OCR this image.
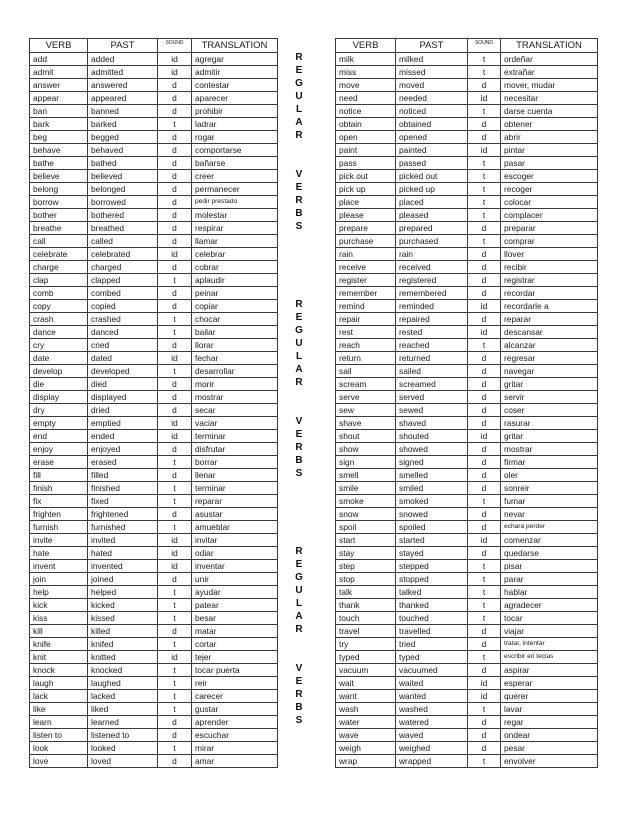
VERB	PAST	SOUND	TRANSLATION
add	added	id	agregar
admit	admitted	id	admitir
answer	answered	d	contestar
appear	appeared	d	aparecer
ban	banned	d	prohibir
bark	barked	t	ladrar
beg	begged	d	rogar
behave	behaved	d	comportarse
bathe	bathed	d	bañarse
believe	believed	d	creer
belong	belonged	d	permanecer
borrow	borrowed	d	pedir prestado
bother	bothered	d	molestar
breathe	breathed	d	respirar
call	called	d	llamar
celebrate	celebrated	id	celebrar
charge	charged	d	cobrar
clap	clapped	t	aplaudir
comb	combed	d	peinar
copy	copied	d	copiar
crash	crashed	t	chocar
dance	danced	t	bailar
cry	cried	d	llorar
date	dated	id	fechar
develop	developed	t	desarrollar
die	died	d	morir
display	displayed	d	mostrar
dry	dried	d	secar
empty	emptied	id	vaciar
end	ended	id	terminar
enjoy	enjoyed	d	disfrutar
erase	erased	t	borrar
fill	filled	d	llenar
finish	finished	t	terminar
fix	fixed	t	reparar
frighten	frightened	d	asustar
furnish	furnished	t	amueblar
invite	invited	id	invitar
hate	hated	id	odiar
invent	invented	id	inventar
join	joined	d	unir
help	helped	t	ayudar
kick	kicked	t	patear
kiss	kissed	t	besar
kill	killed	d	matar
knife	knifed	t	cortar
knit	knitted	id	tejer
knock	knocked	t	tocar puerta
laugh	laughed	t	reir
lack	lacked	t	carecer
like	liked	t	gustar
learn	learned	d	aprender
listen to	listened to	d	escuchar
look	looked	t	mirar
love	loved	d	amar
VERB	PAST	SOUND	TRANSLATION
milk	milked	t	ordeñar
miss	missed	t	extrañar
move	moved	d	mover, mudar
need	needed	id	necesitar
notice	noticed	t	darse cuenta
obtain	obtained	d	obtener
open	opened	d	abrir
paint	painted	id	pintar
pass	passed	t	pasar
pick out	picked out	t	escoger
pick up	picked up	t	recoger
place	placed	t	colocar
please	pleased	t	complacer
prepare	prepared	d	preparar
purchase	purchased	t	comprar
rain	rain	d	llover
receive	received	d	recibir
register	registered	d	registrar
remember	remembered	d	recordar
remind	reminded	id	recordarle a
repair	repaired	d	reparar
rest	rested	id	descansar
reach	reached	t	alcanzar
return	returned	d	regresar
sail	sailed	d	navegar
scream	screamed	d	gritar
serve	served	d	servir
sew	sewed	d	coser
shave	shaved	d	rasurar
shout	shouted	id	gritar
show	showed	d	mostrar
sign	signed	d	firmar
smell	smelled	d	oler
smile	smiled	d	sonreir
smoke	smoked	t	fumar
snow	snowed	d	nevar
spoil	spoiled	d	echara perder
start	started	id	comenzar
stay	stayed	d	quedarse
step	stepped	t	pisar
stop	stopped	t	parar
talk	talked	t	hablar
thank	thanked	t	agradecer
touch	touched	t	tocar
travel	travelled	d	viajar
try	tried	d	tratar, intentar
typed	typed	t	escribir en teclas
vacuum	vacuumed	d	aspirar
wait	waited	id	esperar
want	wanted	id	querer
wash	washed	t	lavar
water	watered	d	regar
wave	waved	d	ondear
weigh	weighed	d	pesar
wrap	wrapped	t	envolver
R
E
G
U
L
A
R
V
E
R
B
S
R
E
G
U
L
A
R
V
E
R
B
S
R
E
G
U
L
A
R
V
E
R
B
S
